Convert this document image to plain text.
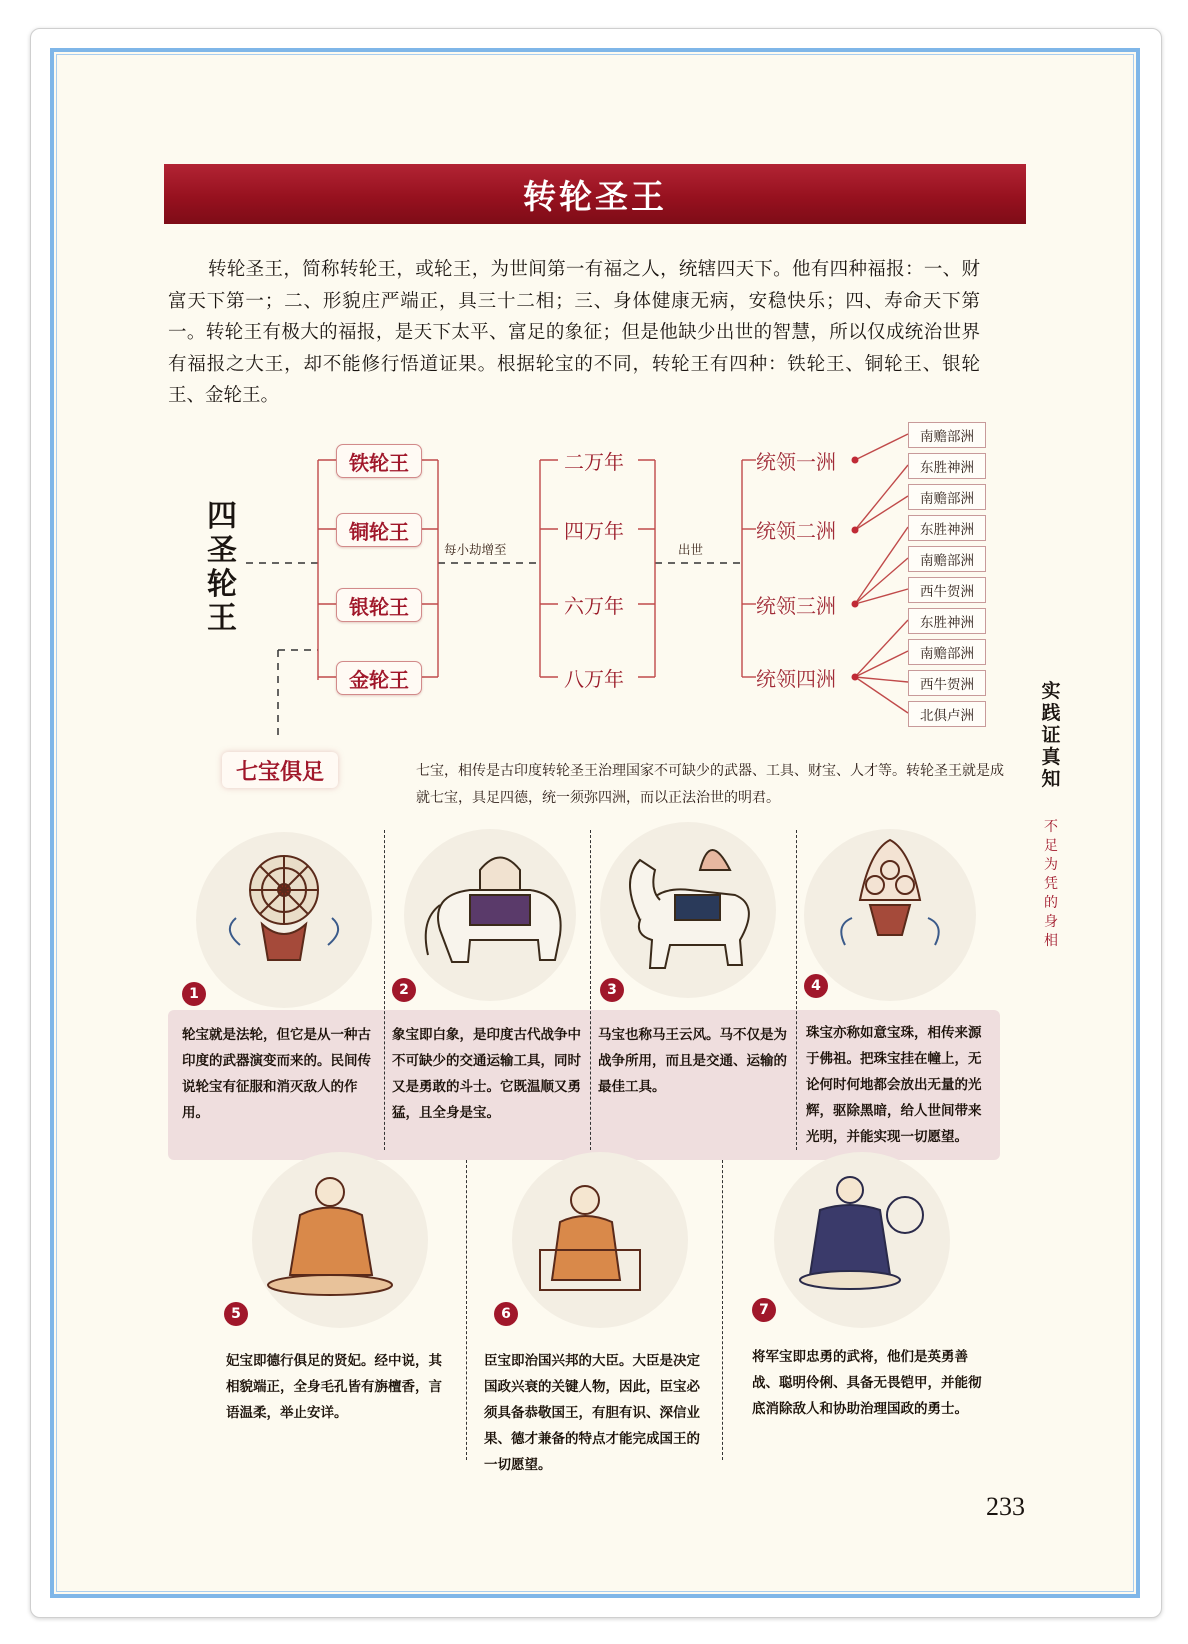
转轮圣王
转轮圣王，简称转轮王，或轮王，为世间第一有福之人，统辖四天下。他有四种福报：一、财富天下第一；二、形貌庄严端正，具三十二相；三、身体健康无病，安稳快乐；四、寿命天下第一。转轮王有极大的福报，是天下太平、富足的象征；但是他缺少出世的智慧，所以仅成统治世界有福报之大王，却不能修行悟道证果。根据轮宝的不同，转轮王有四种：铁轮王、铜轮王、银轮王、金轮王。
四圣轮王
铁轮王
铜轮王
银轮王
金轮王
每小劫增至
二万年
四万年
六万年
八万年
出世
统领一洲
统领二洲
统领三洲
统领四洲
南赡部洲
东胜神洲
南赡部洲
东胜神洲
南赡部洲
西牛贺洲
东胜神洲
南赡部洲
西牛贺洲
北俱卢洲
实践证真知
不足为凭的身相
七宝俱足	七宝，相传是古印度转轮圣王治理国家不可缺少的武器、工具、财宝、人才等。转轮圣王就是成就七宝，具足四德，统一须弥四洲，而以正法治世的明君。
1	2	3	4
5	6	7
轮宝就是法轮，但它是从一种古印度的武器演变而来的。民间传说轮宝有征服和消灭敌人的作用。
象宝即白象，是印度古代战争中不可缺少的交通运输工具，同时又是勇敢的斗士。它既温顺又勇猛，且全身是宝。
马宝也称马王云风。马不仅是为战争所用，而且是交通、运输的最佳工具。
珠宝亦称如意宝珠，相传来源于佛祖。把珠宝挂在幢上，无论何时何地都会放出无量的光辉，驱除黑暗，给人世间带来光明，并能实现一切愿望。
妃宝即德行俱足的贤妃。经中说，其相貌端正，全身毛孔皆有旃檀香，言语温柔，举止安详。
臣宝即治国兴邦的大臣。大臣是决定国政兴衰的关键人物，因此，臣宝必须具备恭敬国王，有胆有识、深信业果、德才兼备的特点才能完成国王的一切愿望。
将军宝即忠勇的武将，他们是英勇善战、聪明伶俐、具备无畏铠甲，并能彻底消除敌人和协助治理国政的勇士。
233
